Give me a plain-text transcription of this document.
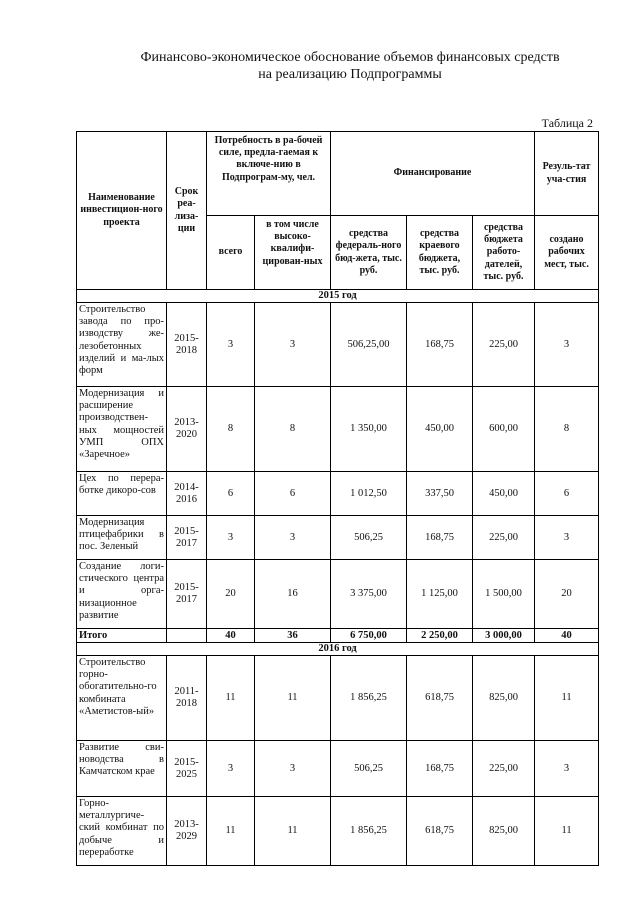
Финансово-экономическое обоснование объемов финансовых средств
на реализацию Подпрограммы
Таблица 2
Наименование инвестицион-ного проекта	Срок реа-лиза-ции	Потребность в ра-бочей силе, предла-гаемая к включе-нию в Подпрограм-му, чел.		Финансирование			Резуль-тат уча-стия
		всего	в том числе высоко-квалифи-цирован-ных	средства федераль-ного бюд-жета, тыс. руб.	средства краевого бюджета, тыс. руб.	средства бюджета работо-дателей, тыс. руб.	создано рабочих мест, тыс.
2015 год							
Строительство завода по про-изводству же-лезобетонных изделий и ма-лых форм	2015-2018	3	3	506,25,00	168,75	225,00	3
Модернизация и расширение производствен-ных мощностей УМП ОПХ «Заречное»	2013-2020	8	8	1 350,00	450,00	600,00	8
Цех по перера-ботке дикоро-сов	2014-2016	6	6	1 012,50	337,50	450,00	6
Модернизация птицефабрики в пос. Зеленый	2015-2017	3	3	506,25	168,75	225,00	3
Создание логи-стического центра и орга-низационное развитие	2015-2017	20	16	3 375,00	1 125,00	1 500,00	20
Итого		40	36	6 750,00	2 250,00	3 000,00	40
2016 год							
Строительство горно-обогатительно-го комбината «Аметистов-ый»	2011-2018	11	11	1 856,25	618,75	825,00	11
Развитие сви-новодства в Камчатском крае	2015-2025	3	3	506,25	168,75	225,00	3
Горно-металлургиче-ский комбинат по добыче и переработке	2013-2029	11	11	1 856,25	618,75	825,00	11
